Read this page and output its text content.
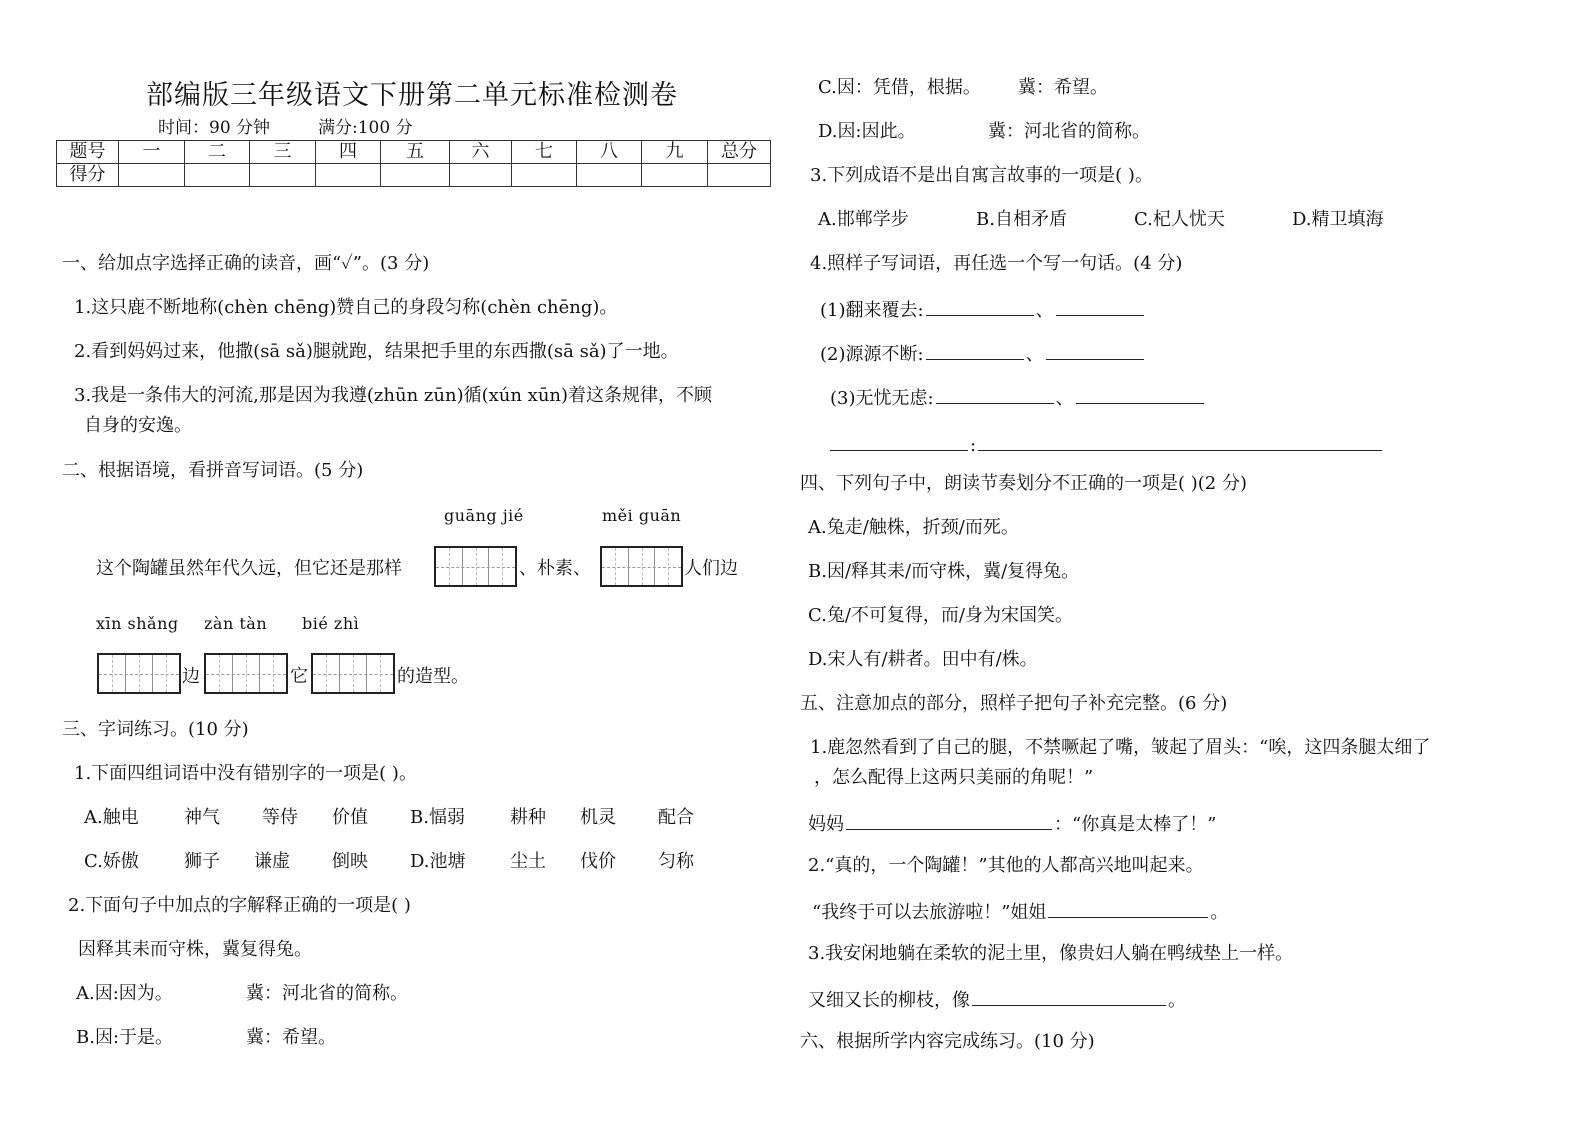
部编版三年级语文下册第二单元标准检测卷
时间：90 分钟	满分:100 分
题号	一	二	三	四	五	六	七	八	九	总分
得分										
一、给加点字选择正确的读音，画“✓”。(3 分)
1.这只鹿不断地称(chèn chēng)赞自己的身段匀称(chèn chēng)。
2.看到妈妈过来，他撒(sā sǎ)腿就跑，结果把手里的东西撒(sā sǎ)了一地。
3.我是一条伟大的河流,那是因为我遵(zhūn zūn)循(xún xūn)着这条规律，不顾
自身的安逸。
二、根据语境，看拼音写词语。(5 分)
guāng jié	měi guān
这个陶罐虽然年代久远，但它还是那样	、朴素、	人们边
xīn shǎng zàn tàn bié zhì
边	它	的造型。
三、字词练习。(10 分)
1.下面四组词语中没有错别字的一项是( )。
A.触电	神气 等侍 价值 B.愊弱	耕种 机灵 配合
C.娇傲	狮子 谦虚 倒映 D.池塘 尘土 伐价 匀称
2.下面句子中加点的字解释正确的一项是( )
因释其耒而守株，冀复得兔。
A.因:因为。	冀：河北省的简称。
B.因:于是。	冀：希望。
C.因：凭借，根据。 冀：希望。
D.因:因此。	冀：河北省的简称。
3.下列成语不是出自寓言故事的一项是( )。
A.邯郸学步	B.自相矛盾	C.杞人忧天	D.精卫填海
4.照样子写词语，再任选一个写一句话。(4 分)
(1)翻来覆去:	、
(2)源源不断:	、
(3)无忧无虑:	、
:
四、下列句子中，朗读节奏划分不正确的一项是( )(2 分)
A.兔走/触株，折颈/而死。
B.因/释其耒/而守株，冀/复得兔。
C.兔/不可复得，而/身为宋国笑。
D.宋人有/耕者。田中有/株。
五、注意加点的部分，照样子把句子补充完整。(6 分)
1.鹿忽然看到了自己的腿，不禁噘起了嘴，皱起了眉头：“唉，这四条腿太细了
，怎么配得上这两只美丽的角呢！”
妈妈	：“你真是太棒了！”
2.“真的，一个陶罐！”其他的人都高兴地叫起来。
“我终于可以去旅游啦！”姐姐	。
3.我安闲地躺在柔软的泥土里，像贵妇人躺在鸭绒垫上一样。
又细又长的柳枝，像	。
六、根据所学内容完成练习。(10 分)
